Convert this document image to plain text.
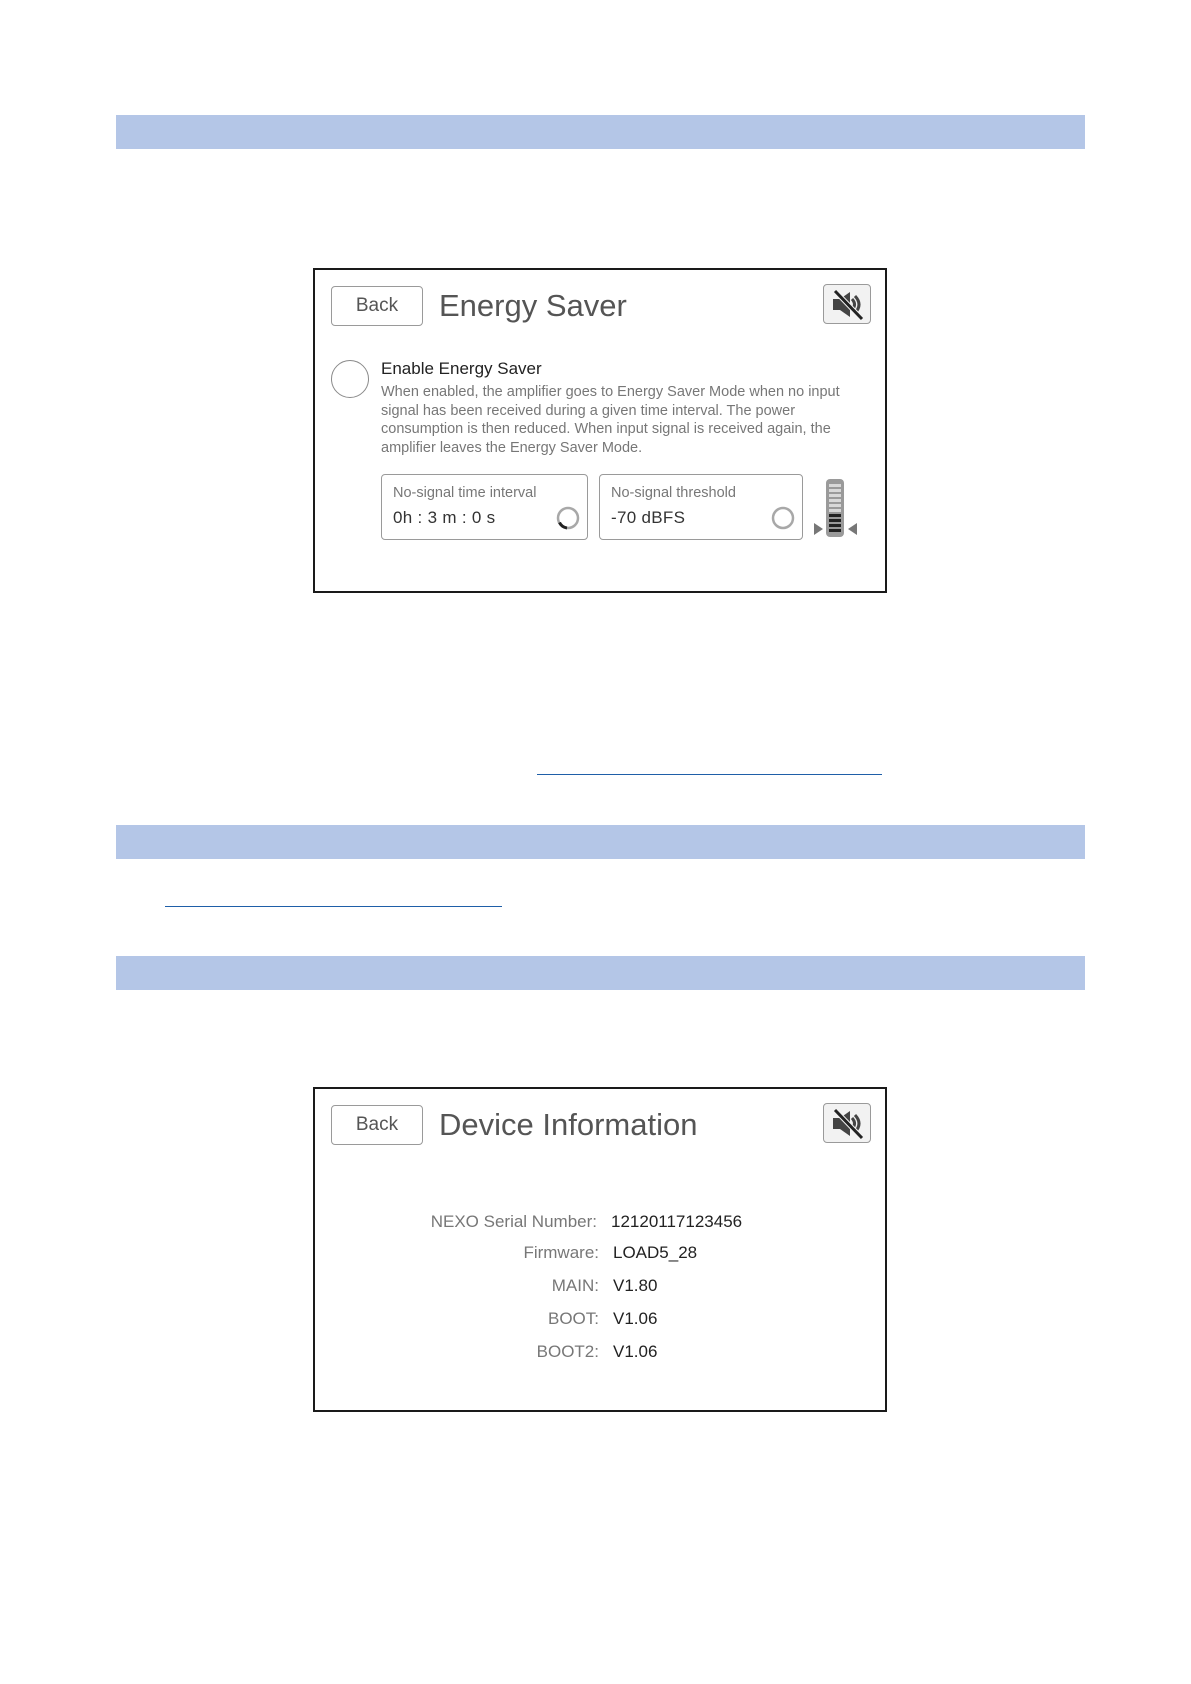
Back	Energy Saver
Enable Energy Saver
When enabled, the amplifier goes to Energy Saver Mode when no input signal has been received during a given time interval. The power consumption is then reduced. When input signal is received again, the amplifier leaves the Energy Saver Mode.
No-signal time interval
0h : 3 m : 0 s
No-signal threshold
-70 dBFS
Back	Device Information
NEXO Serial Number: 12120117123456
Firmware: LOAD5_28
MAIN: V1.80
BOOT: V1.06
BOOT2: V1.06
